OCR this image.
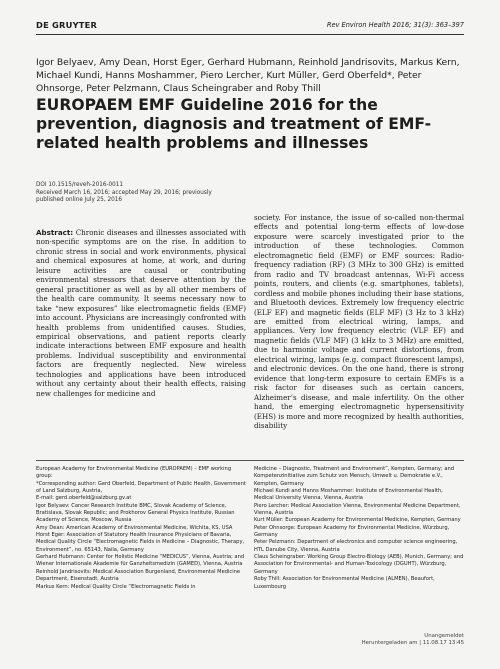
DE GRUYTER	Rev Environ Health 2016; 31(3): 363–397
Igor Belyaev, Amy Dean, Horst Eger, Gerhard Hubmann, Reinhold Jandrisovits, Markus Kern, Michael Kundi, Hanns Moshammer, Piero Lercher, Kurt Müller, Gerd Oberfeld*, Peter Ohnsorge, Peter Pelzmann, Claus Scheingraber and Roby Thill
EUROPAEM EMF Guideline 2016 for the prevention, diagnosis and treatment of EMF-related health problems and illnesses
DOI 10.1515/reveh-2016-0011
Received March 16, 2016; accepted May 29, 2016; previously published online July 25, 2016
Abstract: Chronic diseases and illnesses associated with non-specific symptoms are on the rise. In addition to chronic stress in social and work environments, physical and chemical exposures at home, at work, and during leisure activities are causal or contributing environmental stressors that deserve attention by the general practitioner as well as by all other members of the health care community. It seems necessary now to take “new exposures” like electromagnetic fields (EMF) into account. Physicians are increasingly confronted with health problems from unidentified causes. Studies, empirical observations, and patient reports clearly indicate interactions between EMF exposure and health problems. Individual susceptibility and environmental factors are frequently neglected. New wireless technologies and applications have been introduced without any certainty about their health effects, raising new challenges for medicine and
society. For instance, the issue of so-called non-thermal effects and potential long-term effects of low-dose exposure were scarcely investigated prior to the introduction of these technologies. Common electromagnetic field (EMF) or EMF sources: Radio-frequency radiation (RF) (3 MHz to 300 GHz) is emitted from radio and TV broadcast antennas, Wi-Fi access points, routers, and clients (e.g. smartphones, tablets), cordless and mobile phones including their base stations, and Bluetooth devices. Extremely low frequency electric (ELF EF) and magnetic fields (ELF MF) (3 Hz to 3 kHz) are emitted from electrical wiring, lamps, and appliances. Very low frequency electric (VLF EF) and magnetic fields (VLF MF) (3 kHz to 3 MHz) are emitted, due to harmonic voltage and current distortions, from electrical wiring, lamps (e.g. compact fluorescent lamps), and electronic devices. On the one hand, there is strong evidence that long-term exposure to certain EMFs is a risk factor for diseases such as certain cancers, Alzheimer’s disease, and male infertility. On the other hand, the emerging electromagnetic hypersensitivity (EHS) is more and more recognized by health authorities, disability

European Academy for Environmental Medicine (EUROPAEM) – EMF working group:

*Corresponding author: Gerd Oberfeld, Department of Public Health, Government of Land Salzburg, Austria,

E-mail: gerd.oberfeld@salzburg.gv.at

Igor Belyaev: Cancer Research Institute BMC, Slovak Academy of Science, Bratislava, Slovak Republic; and Prokhorov General Physics Institute, Russian Academy of Science, Moscow, Russia

Amy Dean: American Academy of Environmental Medicine, Wichita, KS, USA

Horst Eger: Association of Statutory Health Insurance Physicians of Bavaria, Medical Quality Circle “Electromagnetic Fields in Medicine – Diagnostic, Therapy, Environment”, no. 65143, Naila, Germany

Gerhard Hubmann: Center for Holistic Medicine “MEDICUS”, Vienna, Austria; and Wiener Internationale Akademie für Ganzheitsmedizin (GAMED), Vienna, Austria

Reinhold Jandrisovits: Medical Association Burgenland, Environmental Medicine Department, Eisenstadt, Austria

Markus Kern: Medical Quality Circle “Electromagnetic Fields in

Medicine – Diagnostic, Treatment and Environment”, Kempten, Germany; and Kompetenzinitiative zum Schutz von Mensch, Umwelt u. Demokratie e.V., Kempten, Germany

Michael Kundi and Hanns Moshammer: Institute of Environmental Health, Medical University Vienna, Vienna, Austria

Piero Lercher: Medical Association Vienna, Environmental Medicine Department, Vienna, Austria

Kurt Müller: European Academy for Environmental Medicine, Kempten, Germany

Peter Ohnsorge: European Academy for Environmental Medicine, Würzburg, Germany

Peter Pelzmann: Department of electronics and computer science engineering, HTL Danube City, Vienna, Austria

Claus Scheingraber: Working Group Electro-Biology (AEB), Munich, Germany; and Association for Environmental- and Human-Toxicology (DGUHT), Würzburg, Germany

Roby Thill: Association for Environmental Medicine (ALMEN), Beaufort, Luxembourg

Unangemeldet
Heruntergeladen am | 11.08.17 13:45
